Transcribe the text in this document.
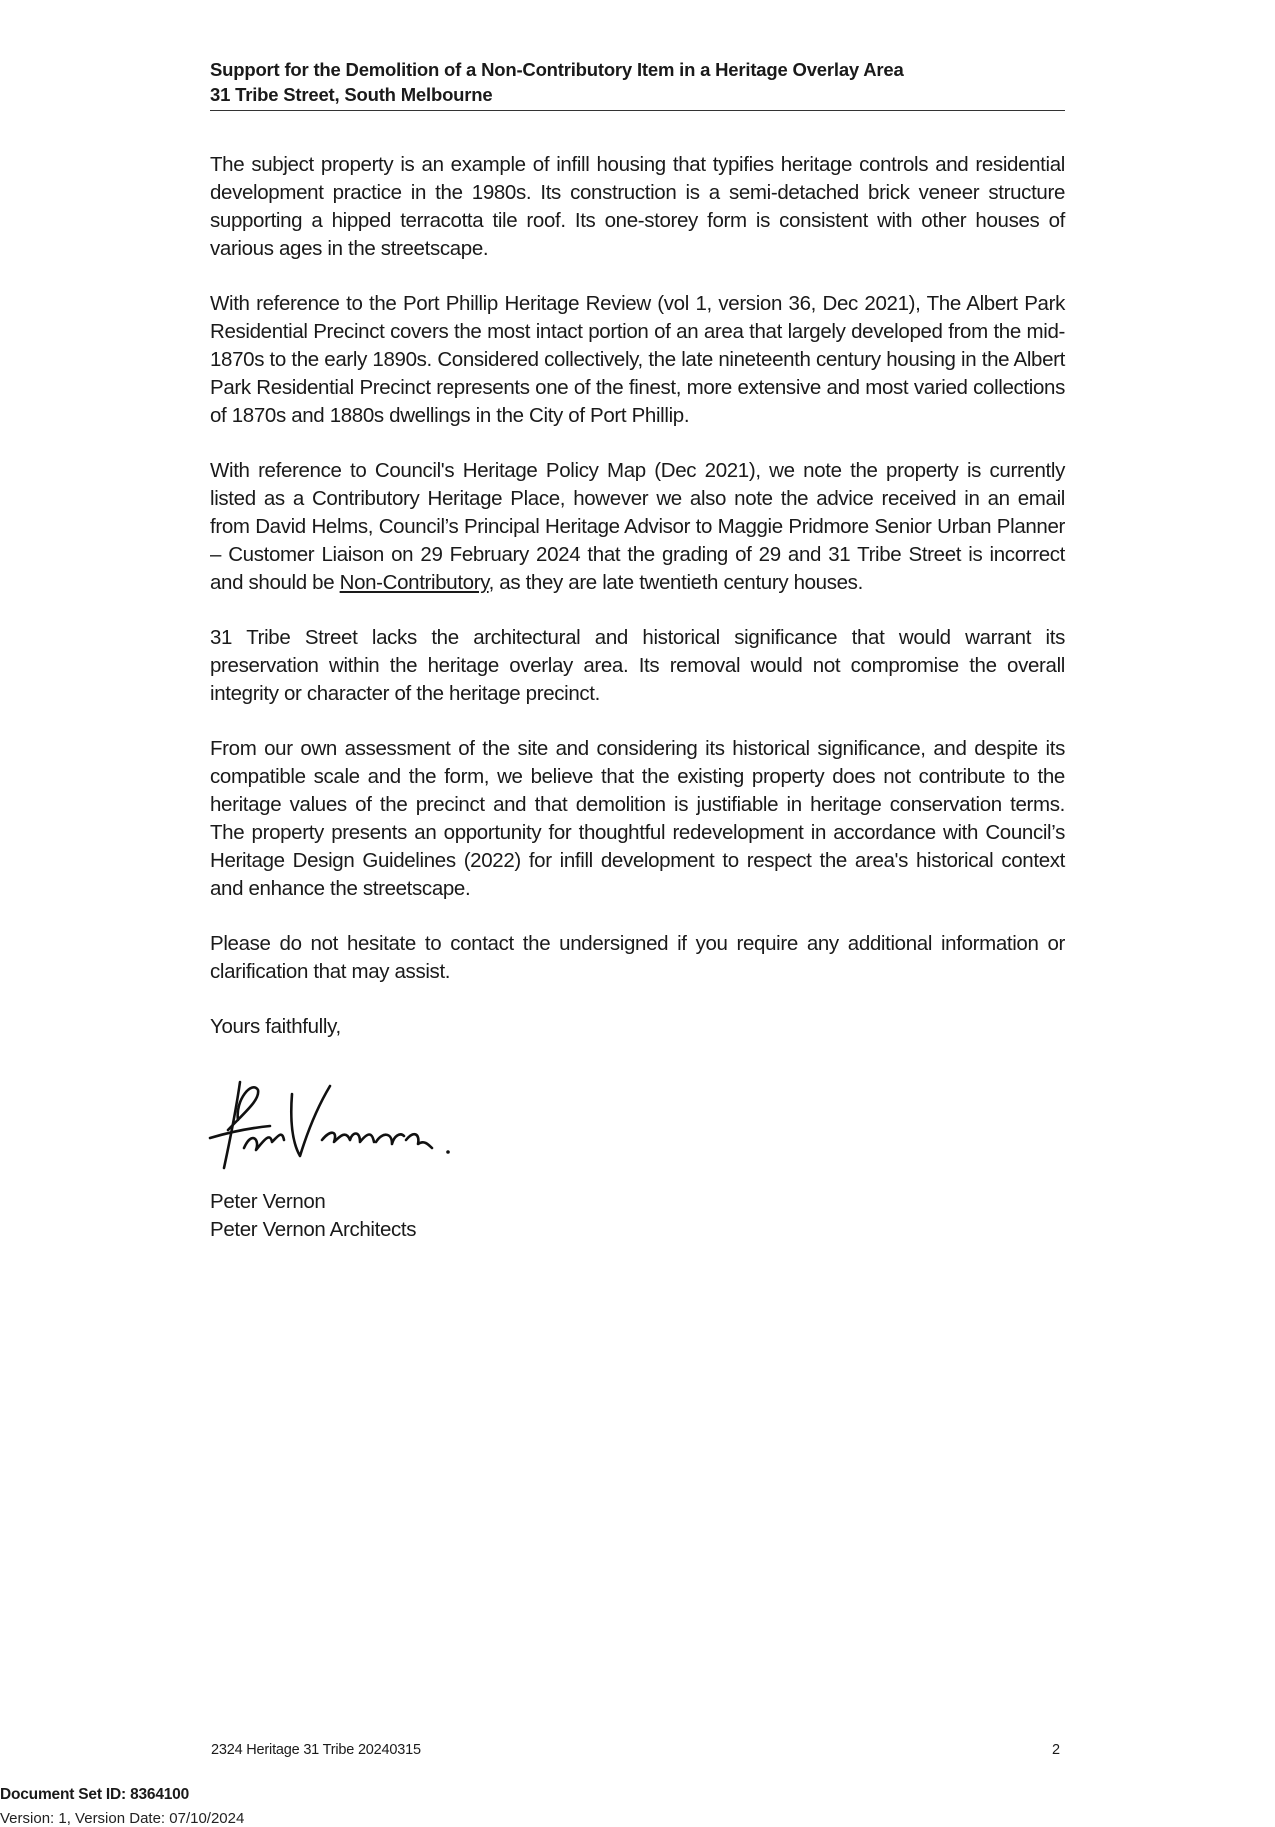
Support for the Demolition of a Non-Contributory Item in a Heritage Overlay Area
31 Tribe Street, South Melbourne

The subject property is an example of infill housing that typifies heritage controls and residential development practice in the 1980s. Its construction is a semi-detached brick veneer structure supporting a hipped terracotta tile roof. Its one-storey form is consistent with other houses of various ages in the streetscape.

With reference to the Port Phillip Heritage Review (vol 1, version 36, Dec 2021), The Albert Park Residential Precinct covers the most intact portion of an area that largely developed from the mid-1870s to the early 1890s. Considered collectively, the late nineteenth century housing in the Albert Park Residential Precinct represents one of the finest, more extensive and most varied collections of 1870s and 1880s dwellings in the City of Port Phillip.

With reference to Council's Heritage Policy Map (Dec 2021), we note the property is currently listed as a Contributory Heritage Place, however we also note the advice received in an email from David Helms, Council’s Principal Heritage Advisor to Maggie Pridmore Senior Urban Planner – Customer Liaison on 29 February 2024 that the grading of 29 and 31 Tribe Street is incorrect and should be Non-Contributory, as they are late twentieth century houses.

31 Tribe Street lacks the architectural and historical significance that would warrant its preservation within the heritage overlay area. Its removal would not compromise the overall integrity or character of the heritage precinct.

From our own assessment of the site and considering its historical significance, and despite its compatible scale and the form, we believe that the existing property does not contribute to the heritage values of the precinct and that demolition is justifiable in heritage conservation terms. The property presents an opportunity for thoughtful redevelopment in accordance with Council’s Heritage Design Guidelines (2022) for infill development to respect the area's historical context and enhance the streetscape.

Please do not hesitate to contact the undersigned if you require any additional information or clarification that may assist.

Yours faithfully,

Peter Vernon
Peter Vernon Architects
2324 Heritage 31 Tribe 20240315	2
Document Set ID: 8364100
Version: 1, Version Date: 07/10/2024
